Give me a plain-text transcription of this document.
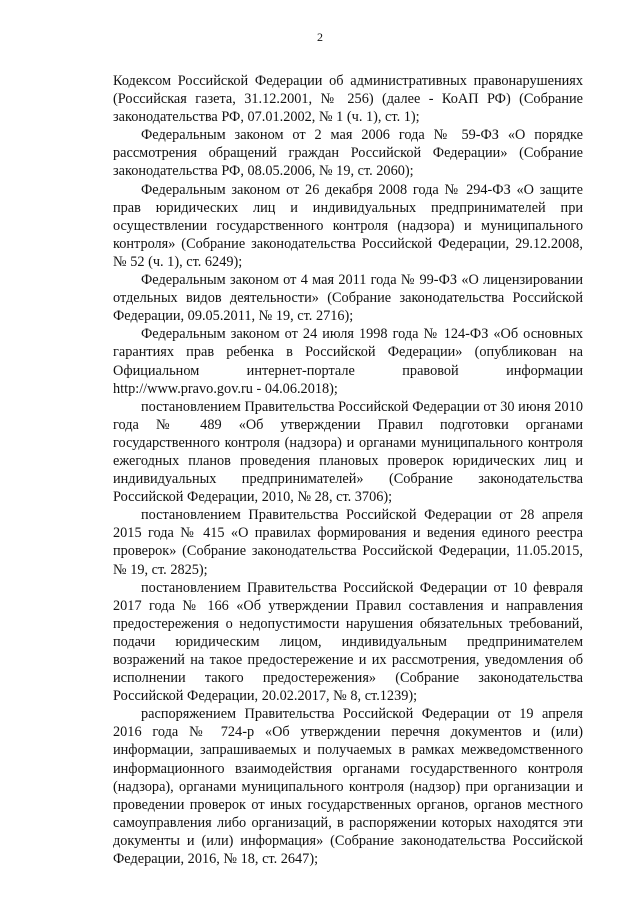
2

Кодексом Российской Федерации об административных правонарушениях (Российская газета, 31.12.2001, № 256) (далее - КоАП РФ) (Собрание законодательства РФ, 07.01.2002, № 1 (ч. 1), ст. 1);

Федеральным законом от 2 мая 2006 года № 59-ФЗ «О порядке рассмотрения обращений граждан Российской Федерации» (Собрание законодательства РФ, 08.05.2006, № 19, ст. 2060);

Федеральным законом от 26 декабря 2008 года № 294-ФЗ «О защите прав юридических лиц и индивидуальных предпринимателей при осуществлении государственного контроля (надзора) и муниципального контроля» (Собрание законодательства Российской Федерации, 29.12.2008, № 52 (ч. 1), ст. 6249);

Федеральным законом от 4 мая 2011 года № 99-ФЗ «О лицензировании отдельных видов деятельности» (Собрание законодательства Российской Федерации, 09.05.2011, № 19, ст. 2716);

Федеральным законом от 24 июля 1998 года № 124-ФЗ «Об основных гарантиях прав ребенка в Российской Федерации» (опубликован на Официальном интернет-портале правовой информации http://www.pravo.gov.ru - 04.06.2018);

постановлением Правительства Российской Федерации от 30 июня 2010 года № 489 «Об утверждении Правил подготовки органами государственного контроля (надзора) и органами муниципального контроля ежегодных планов проведения плановых проверок юридических лиц и индивидуальных предпринимателей» (Собрание законодательства Российской Федерации, 2010, № 28, ст. 3706);

постановлением Правительства Российской Федерации от 28 апреля 2015 года № 415 «О правилах формирования и ведения единого реестра проверок» (Собрание законодательства Российской Федерации, 11.05.2015, № 19, ст. 2825);

постановлением Правительства Российской Федерации от 10 февраля 2017 года № 166 «Об утверждении Правил составления и направления предостережения о недопустимости нарушения обязательных требований, подачи юридическим лицом, индивидуальным предпринимателем возражений на такое предостережение и их рассмотрения, уведомления об исполнении такого предостережения» (Собрание законодательства Российской Федерации, 20.02.2017, № 8, ст.1239);

распоряжением Правительства Российской Федерации от 19 апреля 2016 года № 724-р «Об утверждении перечня документов и (или) информации, запрашиваемых и получаемых в рамках межведомственного информационного взаимодействия органами государственного контроля (надзора), органами муниципального контроля (надзор) при организации и проведении проверок от иных государственных органов, органов местного самоуправления либо организаций, в распоряжении которых находятся эти документы и (или) информация» (Собрание законодательства Российской Федерации, 2016, № 18, ст. 2647);
